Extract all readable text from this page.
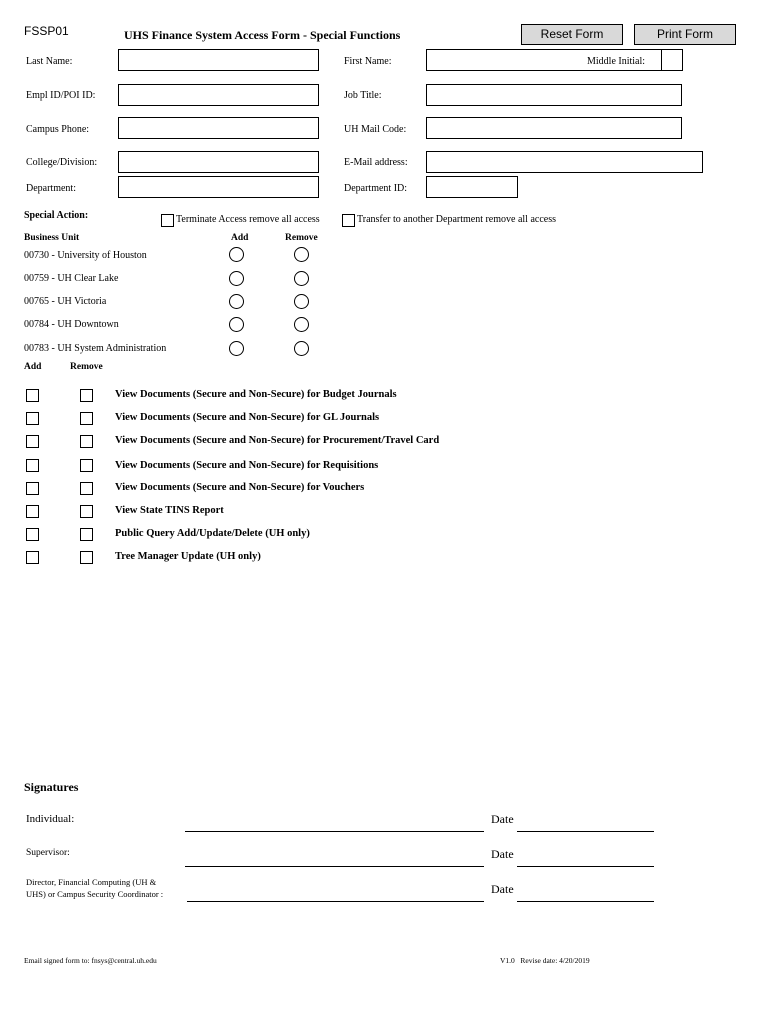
FSSP01	UHS Finance System Access Form - Special Functions	Reset Form	Print Form
Last Name:	First Name:	Middle Initial:
Empl ID/POI ID:	Job Title:
Campus Phone:	UH Mail Code:
College/Division:	E-Mail address:
Department:	Department ID:
Special Action:	Terminate Access remove all access	Transfer to another Department remove all access
Business Unit	Add	Remove
00730 - University of Houston
00759 - UH Clear Lake
00765 - UH Victoria
00784 - UH Downtown
00783 - UH System Administration
Add	Remove
View Documents (Secure and Non-Secure) for Budget Journals
View Documents (Secure and Non-Secure) for GL Journals
View Documents (Secure and Non-Secure) for Procurement/Travel Card
View Documents (Secure and Non-Secure) for Requisitions
View Documents (Secure and Non-Secure) for Vouchers
View State TINS Report
Public Query Add/Update/Delete (UH only)
Tree Manager Update (UH only)
Signatures
Individual:	Date
Supervisor:	Date
Director, Financial Computing (UH &
UHS) or Campus Security Coordinator :	Date
Email signed form to: fnsys@central.uh.edu	V1.0   Revise date: 4/20/2019
